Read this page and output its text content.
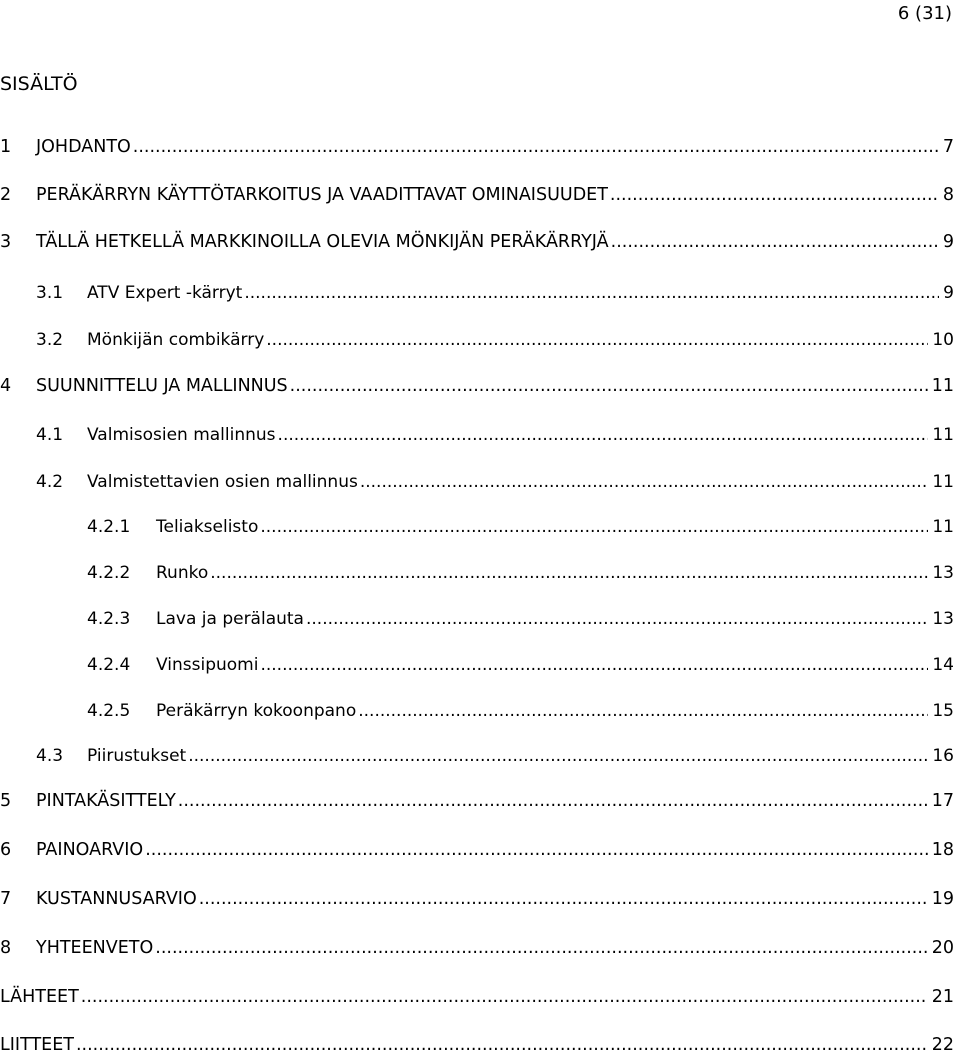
6 (31)
SISÄLTÖ
1	JOHDANTO .....	7
2	PERÄKÄRRYN KÄYTTÖTARKOITUS JA VAADITTAVAT OMINAISUUDET .....	8
3	TÄLLÄ HETKELLÄ MARKKINOILLA OLEVIA MÖNKIJÄN PERÄKÄRRYJÄ .....	9
3.1	ATV Expert -kärryt .....	9
3.2	Mönkijän combikärry .....	10
4	SUUNNITTELU JA MALLINNUS .....	11
4.1	Valmisosien mallinnus .....	11
4.2	Valmistettavien osien mallinnus .....	11
4.2.1	Teliakselisto .....	11
4.2.2	Runko .....	13
4.2.3	Lava ja perälauta .....	13
4.2.4	Vinssipuomi .....	14
4.2.5	Peräkärryn kokoonpano .....	15
4.3	Piirustukset .....	16
5	PINTAKÄSITTELY .....	17
6	PAINOARVIO .....	18
7	KUSTANNUSARVIO .....	19
8	YHTEENVETO .....	20
LÄHTEET .....	21
LIITTEET .....	22
